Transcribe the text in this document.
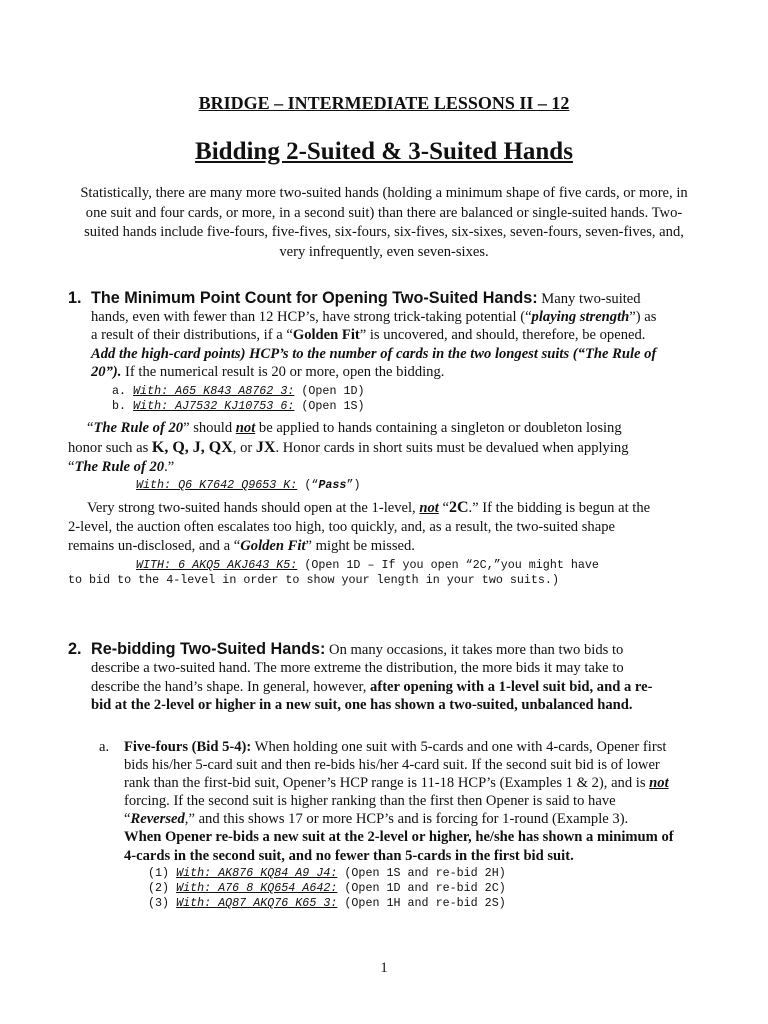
BRIDGE – INTERMEDIATE LESSONS II – 12
Bidding 2-Suited & 3-Suited Hands
Statistically, there are many more two-suited hands (holding a minimum shape of five cards, or more, in one suit and four cards, or more, in a second suit) than there are balanced or single-suited hands. Two- suited hands include five-fours, five-fives, six-fours, six-fives, six-sixes, seven-fours, seven-fives, and, very infrequently, even seven-sixes.
1. The Minimum Point Count for Opening Two-Suited Hands: Many two-suited hands, even with fewer than 12 HCP’s, have strong trick-taking potential (“playing strength”) as a result of their distributions, if a “Golden Fit” is uncovered, and should, therefore, be opened. Add the high-card points) HCP’s to the number of cards in the two longest suits (“The Rule of 20”). If the numerical result is 20 or more, open the bidding.
a. With: A65 K843 A8762 3: (Open 1D)
b. With: AJ7532 KJ10753 6: (Open 1S)
“The Rule of 20” should not be applied to hands containing a singleton or doubleton losing honor such as K, Q, J, QX, or JX. Honor cards in short suits must be devalued when applying “The Rule of 20.”
With: Q6 K7642 Q9653 K: (“Pass”)
Very strong two-suited hands should open at the 1-level, not “2C.” If the bidding is begun at the 2-level, the auction often escalates too high, too quickly, and, as a result, the two-suited shape remains un-disclosed, and a “Golden Fit” might be missed.
WITH: 6 AKQ5 AKJ643 K5: (Open 1D – If you open “2C,”you might have
to bid to the 4-level in order to show your length in your two suits.)
2. Re-bidding Two-Suited Hands: On many occasions, it takes more than two bids to describe a two-suited hand. The more extreme the distribution, the more bids it may take to describe the hand’s shape. In general, however, after opening with a 1-level suit bid, and a re-bid at the 2-level or higher in a new suit, one has shown a two-suited, unbalanced hand.
a. Five-fours (Bid 5-4): When holding one suit with 5-cards and one with 4-cards, Opener first bids his/her 5-card suit and then re-bids his/her 4-card suit. If the second suit bid is of lower rank than the first-bid suit, Opener’s HCP range is 11-18 HCP’s (Examples 1 & 2), and is not forcing. If the second suit is higher ranking than the first then Opener is said to have “Reversed,” and this shows 17 or more HCP’s and is forcing for 1-round (Example 3).
When Opener re-bids a new suit at the 2-level or higher, he/she has shown a minimum of 4-cards in the second suit, and no fewer than 5-cards in the first bid suit.
(1) With: AK876 KQ84 A9 J4: (Open 1S and re-bid 2H)
(2) With: A76 8 KQ654 A642: (Open 1D and re-bid 2C)
(3) With: AQ87 AKQ76 K65 3: (Open 1H and re-bid 2S)
1
